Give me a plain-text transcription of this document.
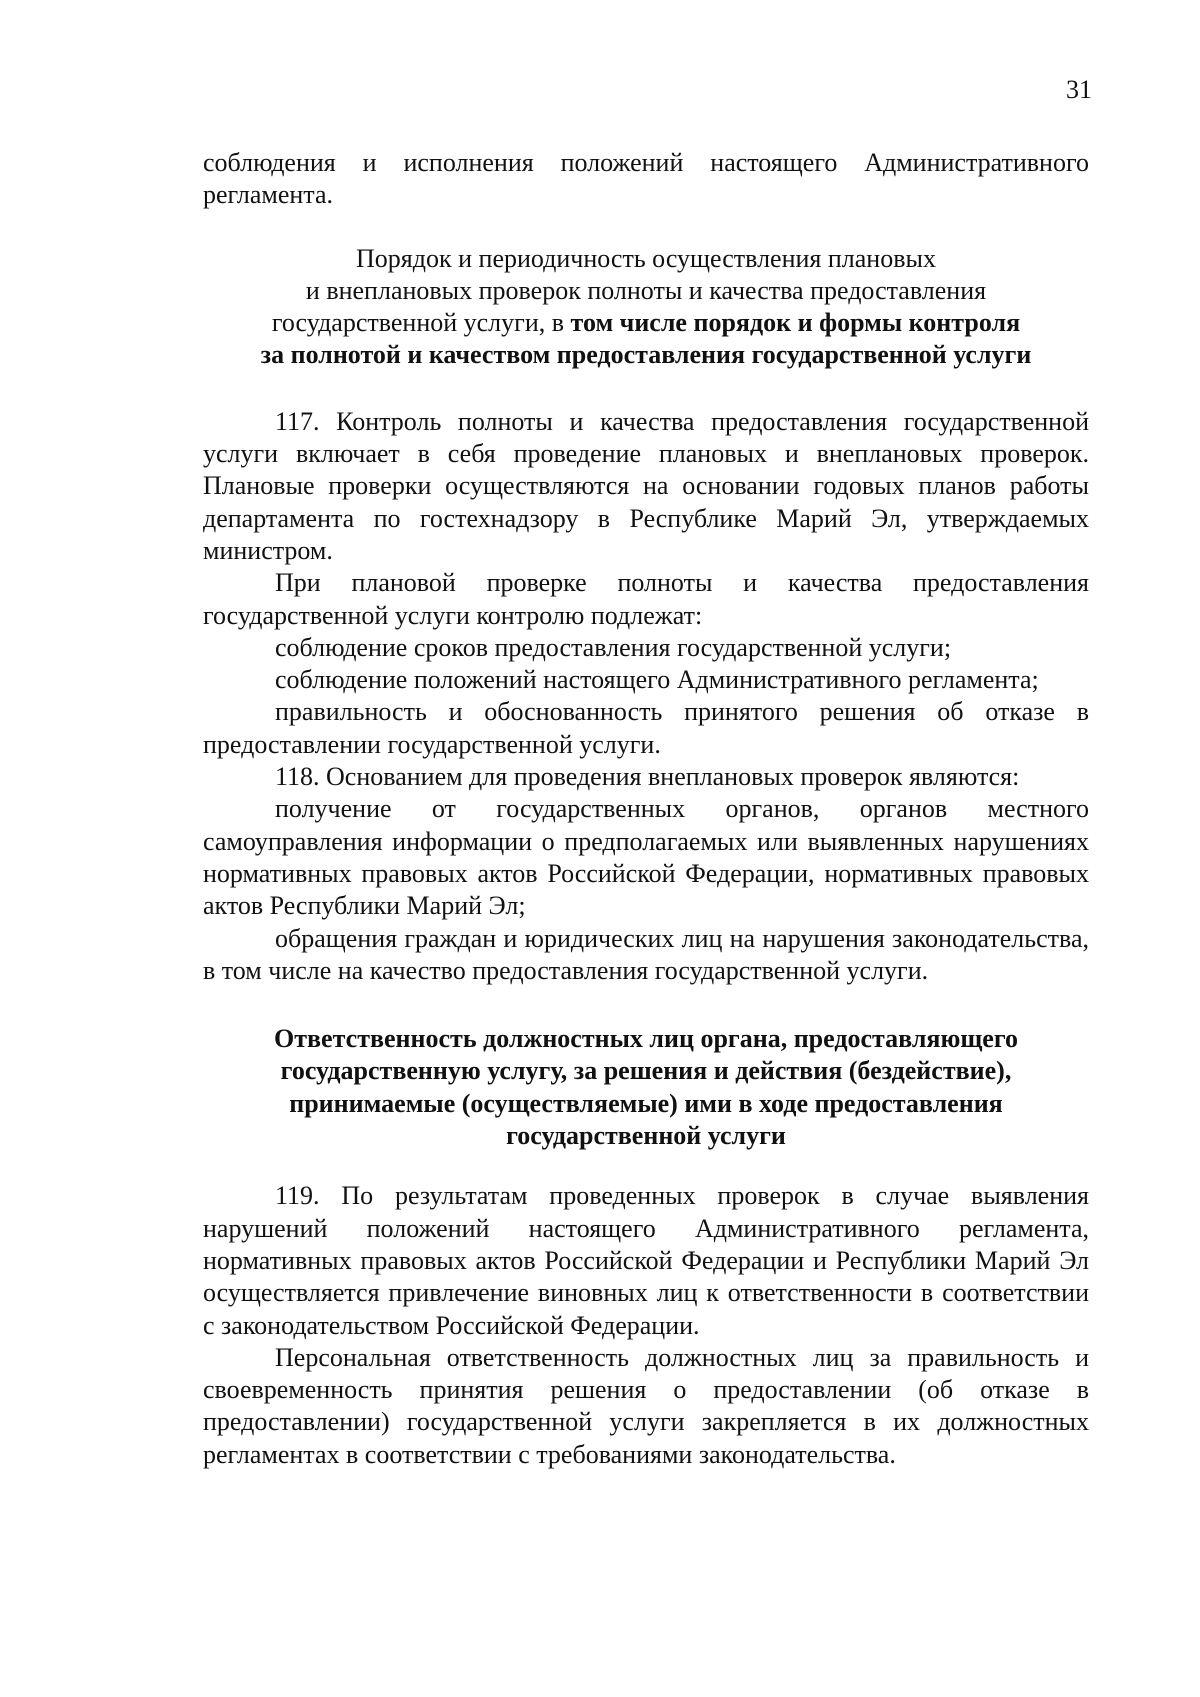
31

соблюдения и исполнения положений настоящего Административного регламента.

Порядок и периодичность осуществления плановых
и внеплановых проверок полноты и качества предоставления
государственной услуги, в том числе порядок и формы контроля
за полнотой и качеством предоставления государственной услуги

117. Контроль полноты и качества предоставления государственной услуги включает в себя проведение плановых и внеплановых проверок. Плановые проверки осуществляются на основании годовых планов работы департамента по гостехнадзору в Республике Марий Эл, утверждаемых министром.

При плановой проверке полноты и качества предоставления государственной услуги контролю подлежат:

соблюдение сроков предоставления государственной услуги;

соблюдение положений настоящего Административного регламента;

правильность и обоснованность принятого решения об отказе в предоставлении государственной услуги.

118. Основанием для проведения внеплановых проверок являются:

получение от государственных органов, органов местного самоуправления информации о предполагаемых или выявленных нарушениях нормативных правовых актов Российской Федерации, нормативных правовых актов Республики Марий Эл;

обращения граждан и юридических лиц на нарушения законодательства, в том числе на качество предоставления государственной услуги.

Ответственность должностных лиц органа, предоставляющего
государственную услугу, за решения и действия (бездействие),
принимаемые (осуществляемые) ими в ходе предоставления
государственной услуги

119. По результатам проведенных проверок в случае выявления нарушений положений настоящего Административного регламента, нормативных правовых актов Российской Федерации и Республики Марий Эл осуществляется привлечение виновных лиц к ответственности в соответствии с законодательством Российской Федерации.

Персональная ответственность должностных лиц за правильность и своевременность принятия решения о предоставлении (об отказе в предоставлении) государственной услуги закрепляется в их должностных регламентах в соответствии с требованиями законодательства.
